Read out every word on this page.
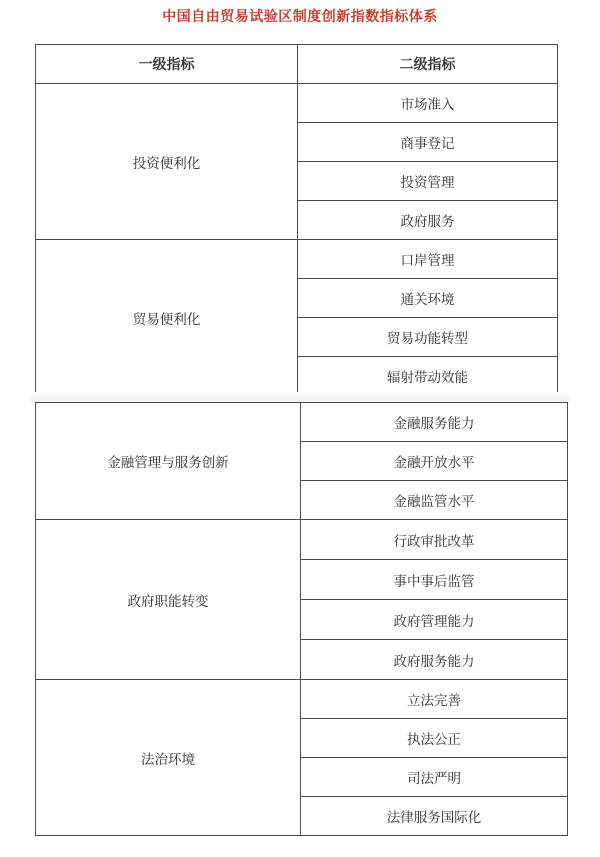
中国自由贸易试验区制度创新指数指标体系
一级指标	二级指标
投资便利化	市场准入
	商事登记
	投资管理
	政府服务
贸易便利化	口岸管理
	通关环境
	贸易功能转型
	辐射带动效能
金融管理与服务创新	金融服务能力
	金融开放水平
	金融监管水平
政府职能转变	行政审批改革
	事中事后监管
	政府管理能力
	政府服务能力
法治环境	立法完善
	执法公正
	司法严明
	法律服务国际化
